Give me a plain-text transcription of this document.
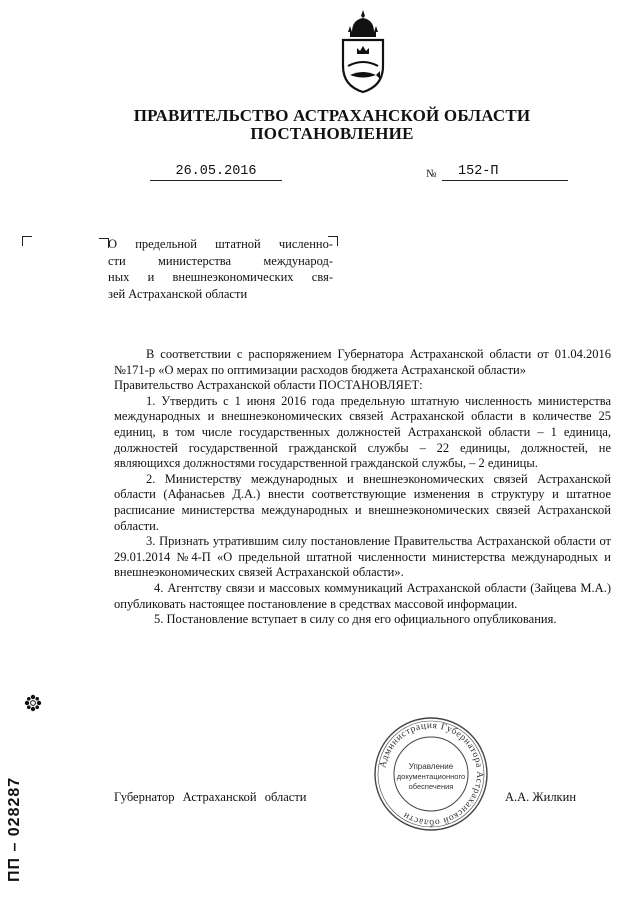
ПРАВИТЕЛЬСТВО АСТРАХАНСКОЙ ОБЛАСТИ
ПОСТАНОВЛЕНИЕ
26.05.2016	№	152-П
О предельной штатной численно-
сти министерства международ-
ных и внешнеэкономических свя-
зей Астраханской области

В соответствии с распоряжением Губернатора Астраханской области от 01.04.2016 №171-р «О мерах по оптимизации расходов бюджета Астраханской области»

Правительство Астраханской области ПОСТАНОВЛЯЕТ:

1. Утвердить с 1 июня 2016 года предельную штатную численность министерства международных и внешнеэкономических связей Астраханской области в количестве 25 единиц, в том числе государственных должностей Астраханской области – 1 единица, должностей государственной гражданской службы – 22 единицы, должностей, не являющихся должностями государственной гражданской службы, – 2 единицы.

2. Министерству международных и внешнеэкономических связей Астраханской области (Афанасьев Д.А.) внести соответствующие изменения в структуру и штатное расписание министерства международных и внешнеэкономических связей Астраханской области.

3. Признать утратившим силу постановление Правительства Астраханской области от 29.01.2014 №4-П «О предельной штатной численности министерства международных и внешнеэкономических связей Астраханской области».

4. Агентству связи и массовых коммуникаций Астраханской области (Зайцева М.А.) опубликовать настоящее постановление в средствах массовой информации.

5. Постановление вступает в силу со дня его официального опубликования.

Губернатор Астраханской области	А.А. Жилкин
Администрация Губернатора Астраханской области
Управление
документационного
обеспечения
ПП – 028287
